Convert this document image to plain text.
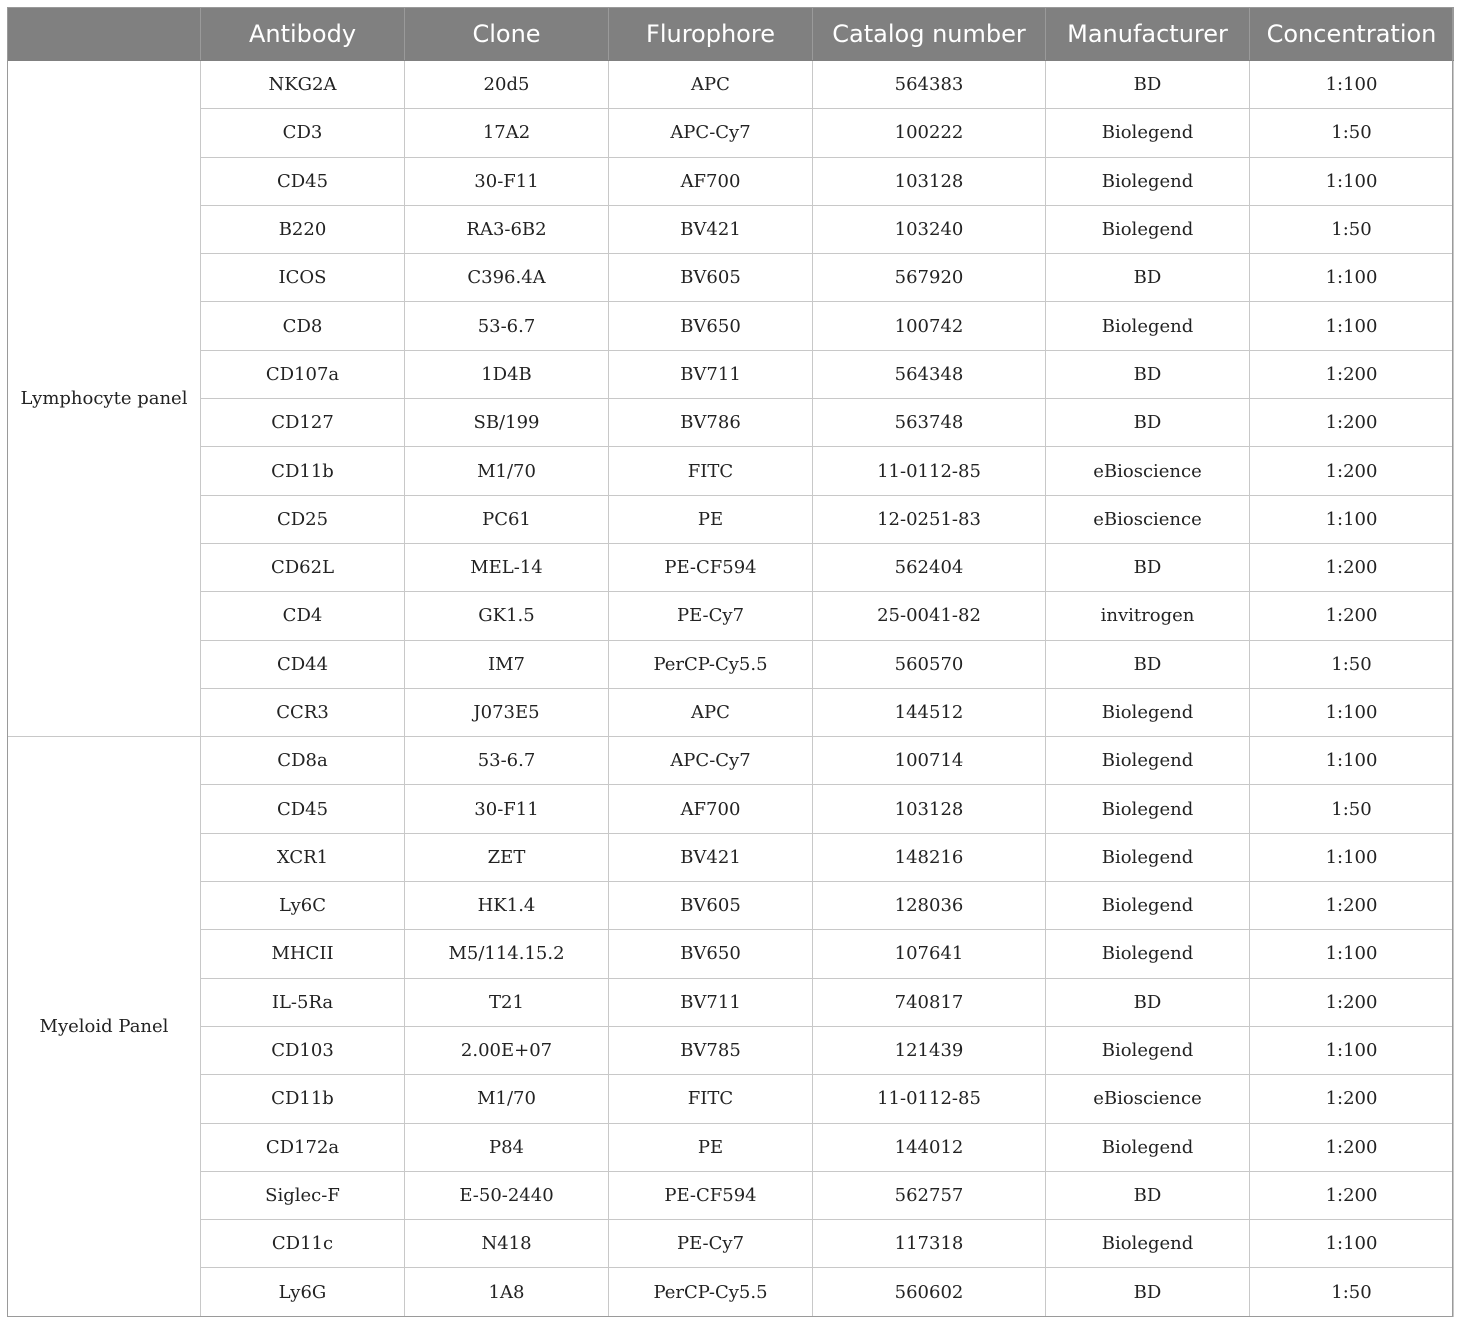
	Antibody	Clone	Flurophore	Catalog number	Manufacturer	Concentration
Lymphocyte panel	NKG2A	20d5	APC	564383	BD	1:100
	CD3	17A2	APC-Cy7	100222	Biolegend	1:50
	CD45	30-F11	AF700	103128	Biolegend	1:100
	B220	RA3-6B2	BV421	103240	Biolegend	1:50
	ICOS	C396.4A	BV605	567920	BD	1:100
	CD8	53-6.7	BV650	100742	Biolegend	1:100
	CD107a	1D4B	BV711	564348	BD	1:200
	CD127	SB/199	BV786	563748	BD	1:200
	CD11b	M1/70	FITC	11-0112-85	eBioscience	1:200
	CD25	PC61	PE	12-0251-83	eBioscience	1:100
	CD62L	MEL-14	PE-CF594	562404	BD	1:200
	CD4	GK1.5	PE-Cy7	25-0041-82	invitrogen	1:200
	CD44	IM7	PerCP-Cy5.5	560570	BD	1:50
	CCR3	J073E5	APC	144512	Biolegend	1:100
Myeloid Panel	CD8a	53-6.7	APC-Cy7	100714	Biolegend	1:100
	CD45	30-F11	AF700	103128	Biolegend	1:50
	XCR1	ZET	BV421	148216	Biolegend	1:100
	Ly6C	HK1.4	BV605	128036	Biolegend	1:200
	MHCII	M5/114.15.2	BV650	107641	Biolegend	1:100
	IL-5Ra	T21	BV711	740817	BD	1:200
	CD103	2.00E+07	BV785	121439	Biolegend	1:100
	CD11b	M1/70	FITC	11-0112-85	eBioscience	1:200
	CD172a	P84	PE	144012	Biolegend	1:200
	Siglec-F	E-50-2440	PE-CF594	562757	BD	1:200
	CD11c	N418	PE-Cy7	117318	Biolegend	1:100
	Ly6G	1A8	PerCP-Cy5.5	560602	BD	1:50
